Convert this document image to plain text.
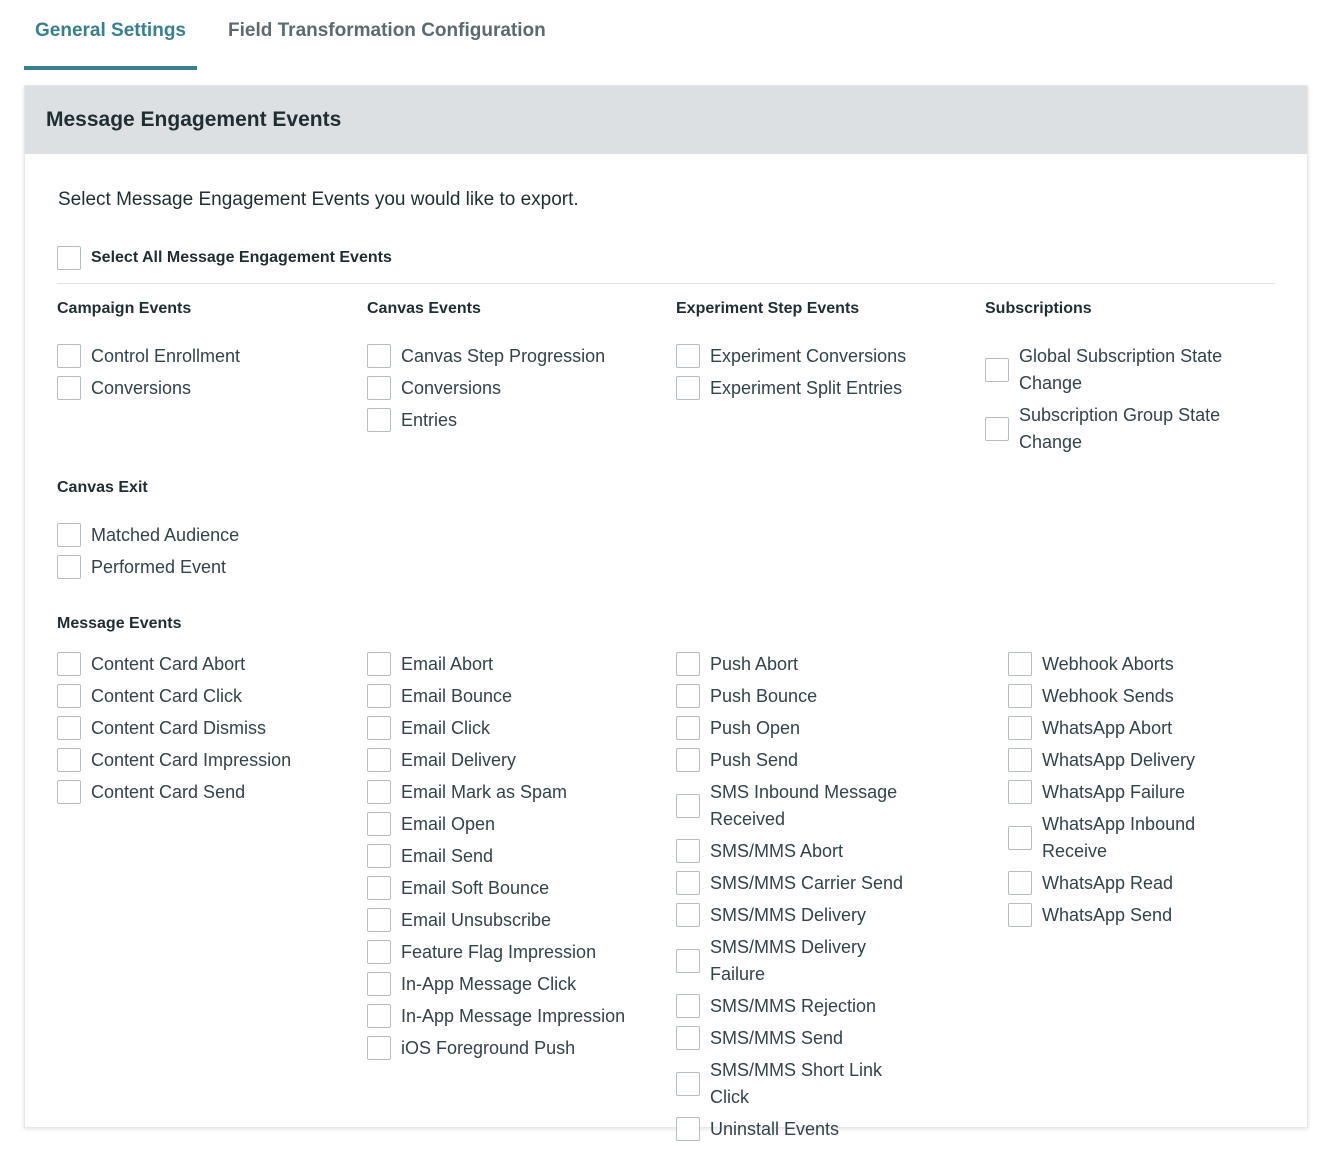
General Settings	Field Transformation Configuration
Message Engagement Events
Select Message Engagement Events you would like to export.
Select All Message Engagement Events
Campaign Events
Control Enrollment
Conversions
Canvas Events
Canvas Step Progression
Conversions
Entries
Experiment Step Events
Experiment Conversions
Experiment Split Entries
Subscriptions
Global Subscription State Change
Subscription Group State Change
Canvas Exit
Matched Audience
Performed Event
Message Events
Content Card Abort
Content Card Click
Content Card Dismiss
Content Card Impression
Content Card Send
Email Abort
Email Bounce
Email Click
Email Delivery
Email Mark as Spam
Email Open
Email Send
Email Soft Bounce
Email Unsubscribe
Feature Flag Impression
In-App Message Click
In-App Message Impression
iOS Foreground Push
Push Abort
Push Bounce
Push Open
Push Send
SMS Inbound Message Received
SMS/MMS Abort
SMS/MMS Carrier Send
SMS/MMS Delivery
SMS/MMS Delivery Failure
SMS/MMS Rejection
SMS/MMS Send
SMS/MMS Short Link Click
Uninstall Events
Webhook Aborts
Webhook Sends
WhatsApp Abort
WhatsApp Delivery
WhatsApp Failure
WhatsApp Inbound Receive
WhatsApp Read
WhatsApp Send
